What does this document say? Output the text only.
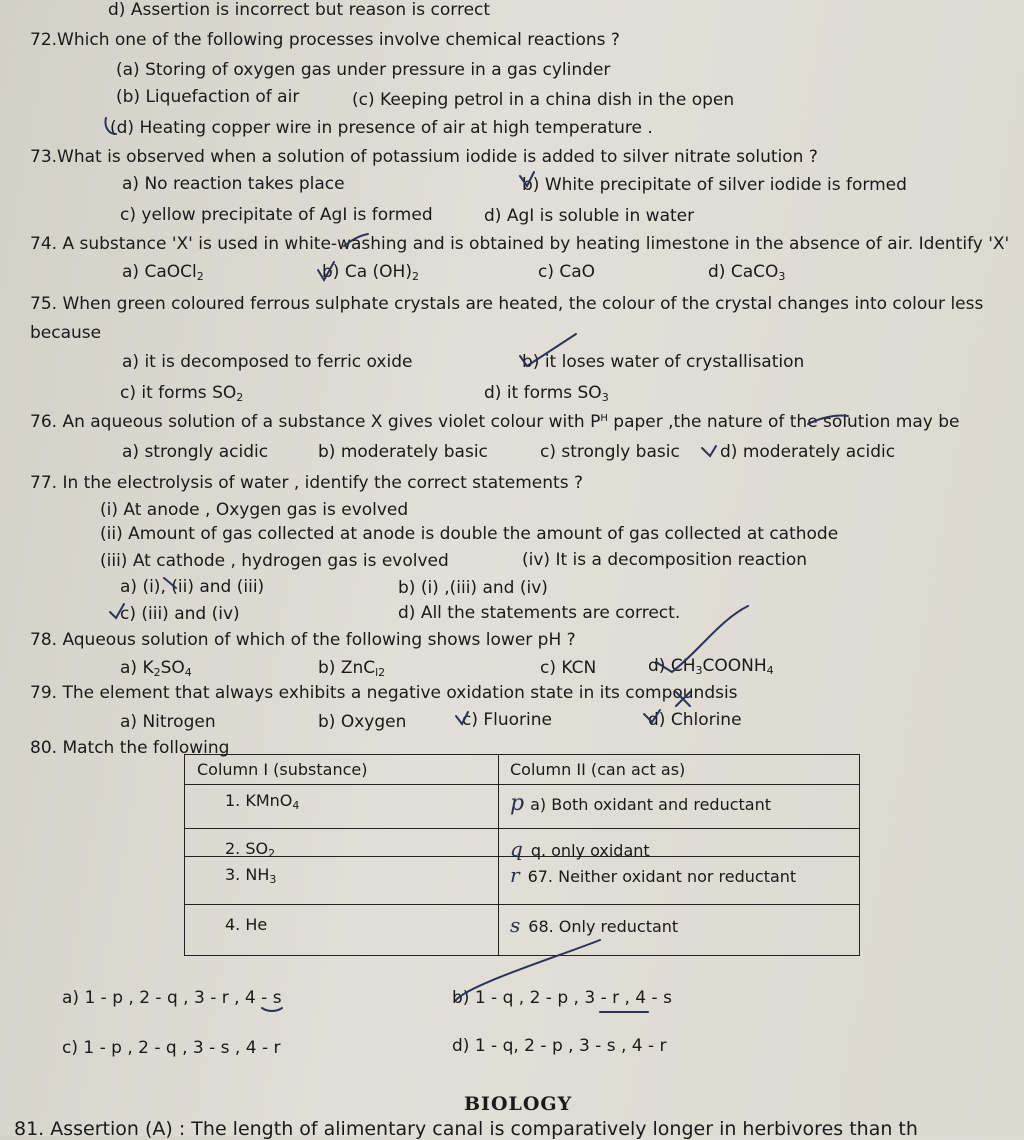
d) Assertion is incorrect but reason is correct
72.Which one of the following processes involve chemical reactions ?
(a) Storing of oxygen gas under pressure in a gas cylinder
(b) Liquefaction of air	(c) Keeping petrol in a china dish in the open
(d) Heating copper wire in presence of air at high temperature .
73.What is observed when a solution of potassium iodide is added to silver nitrate solution ?
a) No reaction takes place	b) White precipitate of silver iodide is formed
c) yellow precipitate of AgI is formed	d) AgI is soluble in water
74. A substance 'X' is used in white-washing and is obtained by heating limestone in the absence of air. Identify 'X'
a) CaOCl$_2$	b) Ca $(OH)_2$	c) CaO	d) CaCO$_3$
75. When green coloured ferrous sulphate crystals are heated, the colour of the crystal changes into colour less
because
a) it is decomposed to ferric oxide	b) it loses water of crystallisation
c) it forms $SO_2$	d) it forms $SO_3$
76. An aqueous solution of a substance X gives violet colour with $P^H$ paper ,the nature of the solution may be
a) strongly acidic	b) moderately basic	c) strongly basic d) moderately acidic
77. In the electrolysis of water , identify the correct statements ?
(i) At anode , Oxygen gas is evolved
(ii) Amount of gas collected at anode is double the amount of gas collected at cathode
(iii) At cathode , hydrogen gas is evolved	(iv) It is a decomposition reaction
a) (i), (ii) and (iii)	b) (i) ,(iii) and (iv)
c) (iii) and (iv)	d) All the statements are correct.
78. Aqueous solution of which of the following shows lower pH ?
a) $K_2SO_4$	b) ZnC$_{l2}$	c) KCN	d) $CH_3COONH_4$
79. The element that always exhibits a negative oxidation state in its compoundsis
a) Nitrogen	b) Oxygen	c) Fluorine	d) Chlorine
80. Match the following
Column I (substance)	Column II (can act as)
1. KMnO$_4$	p a) Both oxidant and reductant
2. $SO_2$	q q. only oxidant
3. $NH_3$	r 67. Neither oxidant nor reductant
4. He	s 68. Only reductant
a) 1 - p , 2 - q , 3 - r , 4 - s	b) 1 - q , 2 - p , 3 - r , 4 - s
c) 1 - p , 2 - q , 3 - s , 4 - r	d) 1 - q, 2 - p , 3 - s , 4 - r
BIOLOGY
81. Assertion (A) : The length of alimentary canal is comparatively longer in herbivores than th
